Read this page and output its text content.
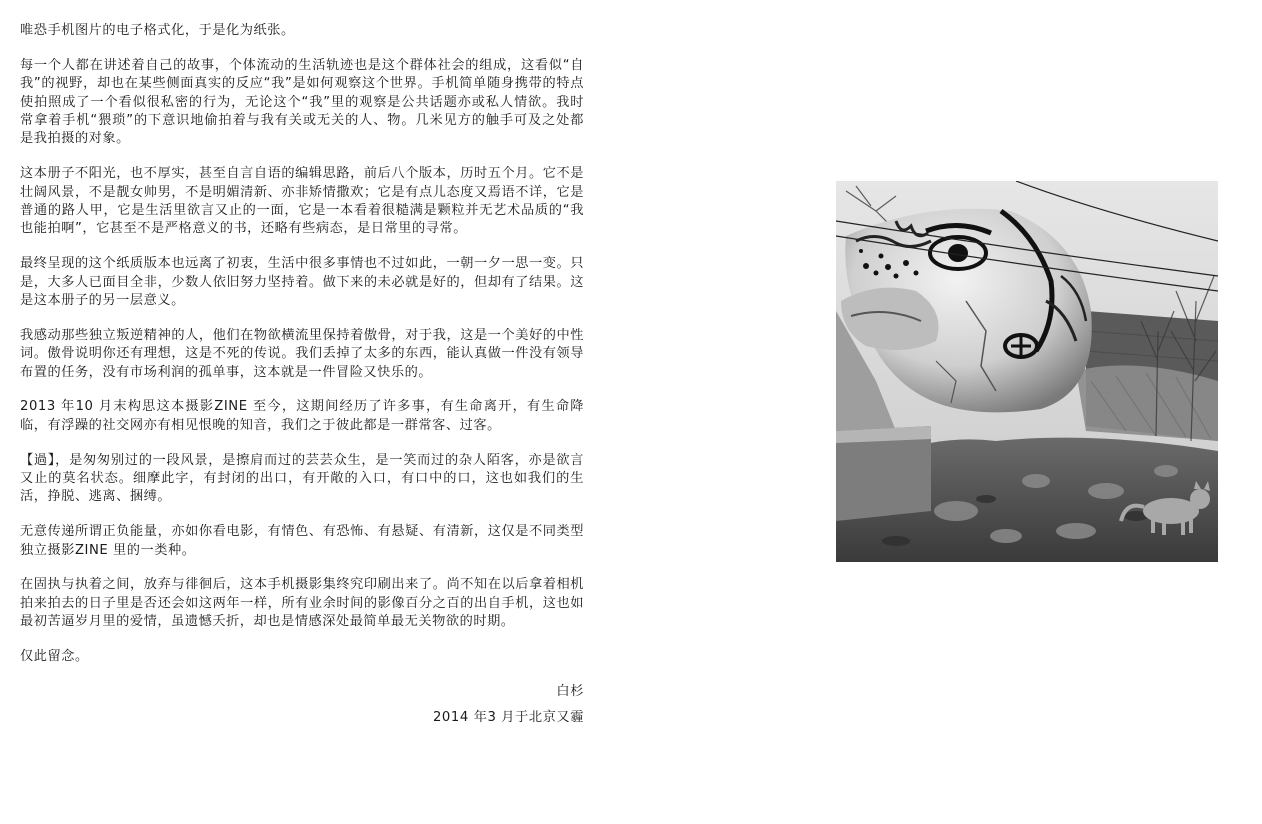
唯恐手机图片的电子格式化，于是化为纸张。

每一个人都在讲述着自己的故事，个体流动的生活轨迹也是这个群体社会的组成，这看似“自我”的视野，却也在某些侧面真实的反应“我”是如何观察这个世界。手机简单随身携带的特点使拍照成了一个看似很私密的行为，无论这个“我”里的观察是公共话题亦或私人情欲。我时常拿着手机“猥琐”的下意识地偷拍着与我有关或无关的人、物。几米见方的触手可及之处都是我拍摄的对象。

这本册子不阳光，也不厚实，甚至自言自语的编辑思路，前后八个版本，历时五个月。它不是壮阔风景，不是靓女帅男，不是明媚清新、亦非矫情撒欢；它是有点儿态度又焉语不详，它是普通的路人甲，它是生活里欲言又止的一面，它是一本看着很糙满是颗粒并无艺术品质的“我也能拍啊”，它甚至不是严格意义的书，还略有些病态，是日常里的寻常。

最终呈现的这个纸质版本也远离了初衷，生活中很多事情也不过如此，一朝一夕一思一变。只是，大多人已面目全非，少数人依旧努力坚持着。做下来的未必就是好的，但却有了结果。这是这本册子的另一层意义。

我感动那些独立叛逆精神的人，他们在物欲横流里保持着傲骨，对于我，这是一个美好的中性词。傲骨说明你还有理想，这是不死的传说。我们丢掉了太多的东西，能认真做一件没有领导布置的任务，没有市场利润的孤单事，这本就是一件冒险又快乐的。

2013 年10 月末构思这本摄影ZINE 至今，这期间经历了许多事，有生命离开，有生命降临，有浮躁的社交网亦有相见恨晚的知音，我们之于彼此都是一群常客、过客。

【過】，是匆匆别过的一段风景，是擦肩而过的芸芸众生，是一笑而过的杂人陌客，亦是欲言又止的莫名状态。细摩此字，有封闭的出口，有开敞的入口，有口中的口，这也如我们的生活，挣脱、逃离、捆缚。

无意传递所谓正负能量，亦如你看电影，有情色、有恐怖、有悬疑、有清新，这仅是不同类型独立摄影ZINE 里的一类种。

在固执与执着之间，放弃与徘徊后，这本手机摄影集终究印刷出来了。尚不知在以后拿着相机拍来拍去的日子里是否还会如这两年一样，所有业余时间的影像百分之百的出自手机，这也如最初苦逼岁月里的爱情，虽遗憾夭折，却也是情感深处最简单最无关物欲的时期。

仅此留念。

白杉

2014 年3 月于北京又霾
